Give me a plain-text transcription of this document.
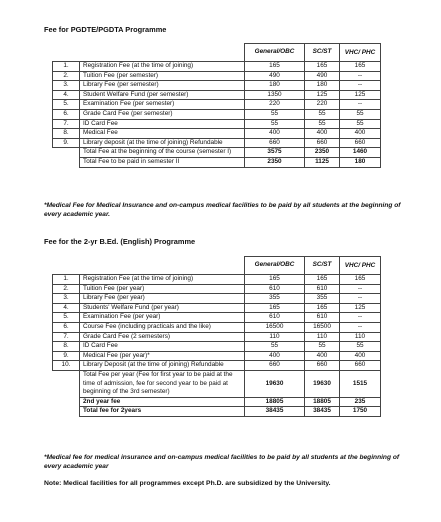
Fee for PGDTE/PGDTA Programme
		General/OBC	SC/ST	VHC/ PHC
1.	Registration Fee (at the time of joining)	165	165	165
2.	Tuition Fee (per semester)	490	490	--
3.	Library Fee (per semester)	180	180	--
4.	Student Welfare Fund (per semester)	1350	125	125
5.	Examination Fee (per semester)	220	220	--
6.	Grade Card Fee (per semester)	55	55	55
7.	ID Card Fee	55	55	55
8.	Medical Fee	400	400	400
9.	Library deposit (at the time of joining) Refundable	660	660	660
	Total Fee at the beginning of the course (semester I)	3575	2350	1460
	Total Fee to be paid in semester II	2350	1125	180
*Medical Fee for Medical Insurance and on-campus medical facilities to be paid by all students at the beginning of every academic year.
Fee for the 2-yr B.Ed. (English) Programme
		General/OBC	SC/ST	VHC/ PHC
1.	Registration Fee (at the time of joining)	165	165	165
2.	Tuition Fee (per year)	610	610	--
3.	Library Fee (per year)	355	355	--
4.	Students' Welfare Fund (per year)	165	165	125
5.	Examination Fee (per year)	610	610	--
6.	Course Fee (including practicals and the like)	16500	16500	--
7.	Grade Card Fee (2 semesters)	110	110	110
8.	ID Card Fee	55	55	55
9.	Medical Fee (per year)*	400	400	400
10.	Library Deposit (at the time of joining) Refundable	660	660	660
	Total Fee per year (Fee for first year to be paid at the time of admission, fee for second year to be paid at beginning of the 3rd semester)	19630	19630	1515
	2nd year fee	18805	18805	235
	Total fee for 2years	38435	38435	1750
*Medical fee for medical insurance and on-campus medical facilities to be paid by all students at the beginning of every academic year
Note: Medical facilities for all programmes except Ph.D. are subsidized by the University.
